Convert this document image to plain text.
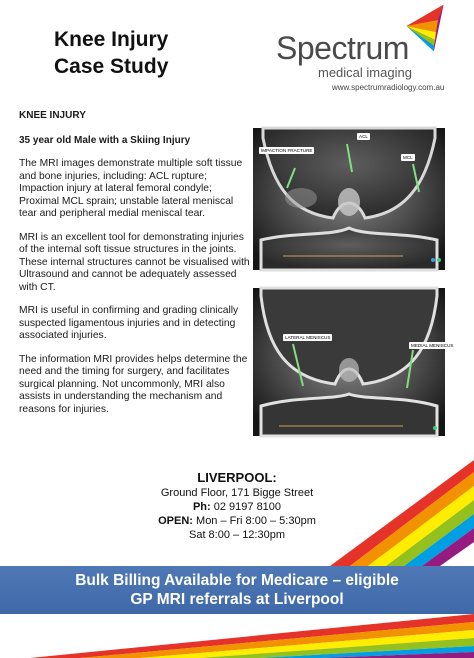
Knee Injury
Case Study
Spectrum
medical imaging
www.spectrumradiology.com.au
KNEE INJURY
35 year old Male with a Skiing Injury
The MRI images demonstrate multiple soft tissue and bone injuries, including: ACL rupture; Impaction injury at lateral femoral condyle; Proximal MCL sprain; unstable lateral meniscal tear and peripheral medial meniscal tear.
MRI is an excellent tool for demonstrating injuries of the internal soft tissue structures in the joints. These internal structures cannot be visualised with Ultrasound and cannot be adequately assessed with CT.
MRI is useful in confirming and grading clinically suspected ligamentous injuries and in detecting associated injuries.
The information MRI provides helps determine the need and the timing for surgery, and facilitates surgical planning. Not uncommonly, MRI also assists in understanding the mechanism and reasons for injuries.
IMPACTION FRACTURE
ACL
MCL
LATERAL MENISCUS
MEDIAL MENISCUS
LIVERPOOL:
Ground Floor, 171 Bigge Street
Ph: 02 9197 8100
OPEN: Mon – Fri 8:00 – 5:30pm
Sat 8:00 – 12:30pm
Bulk Billing Available for Medicare – eligible
GP MRI referrals at Liverpool
